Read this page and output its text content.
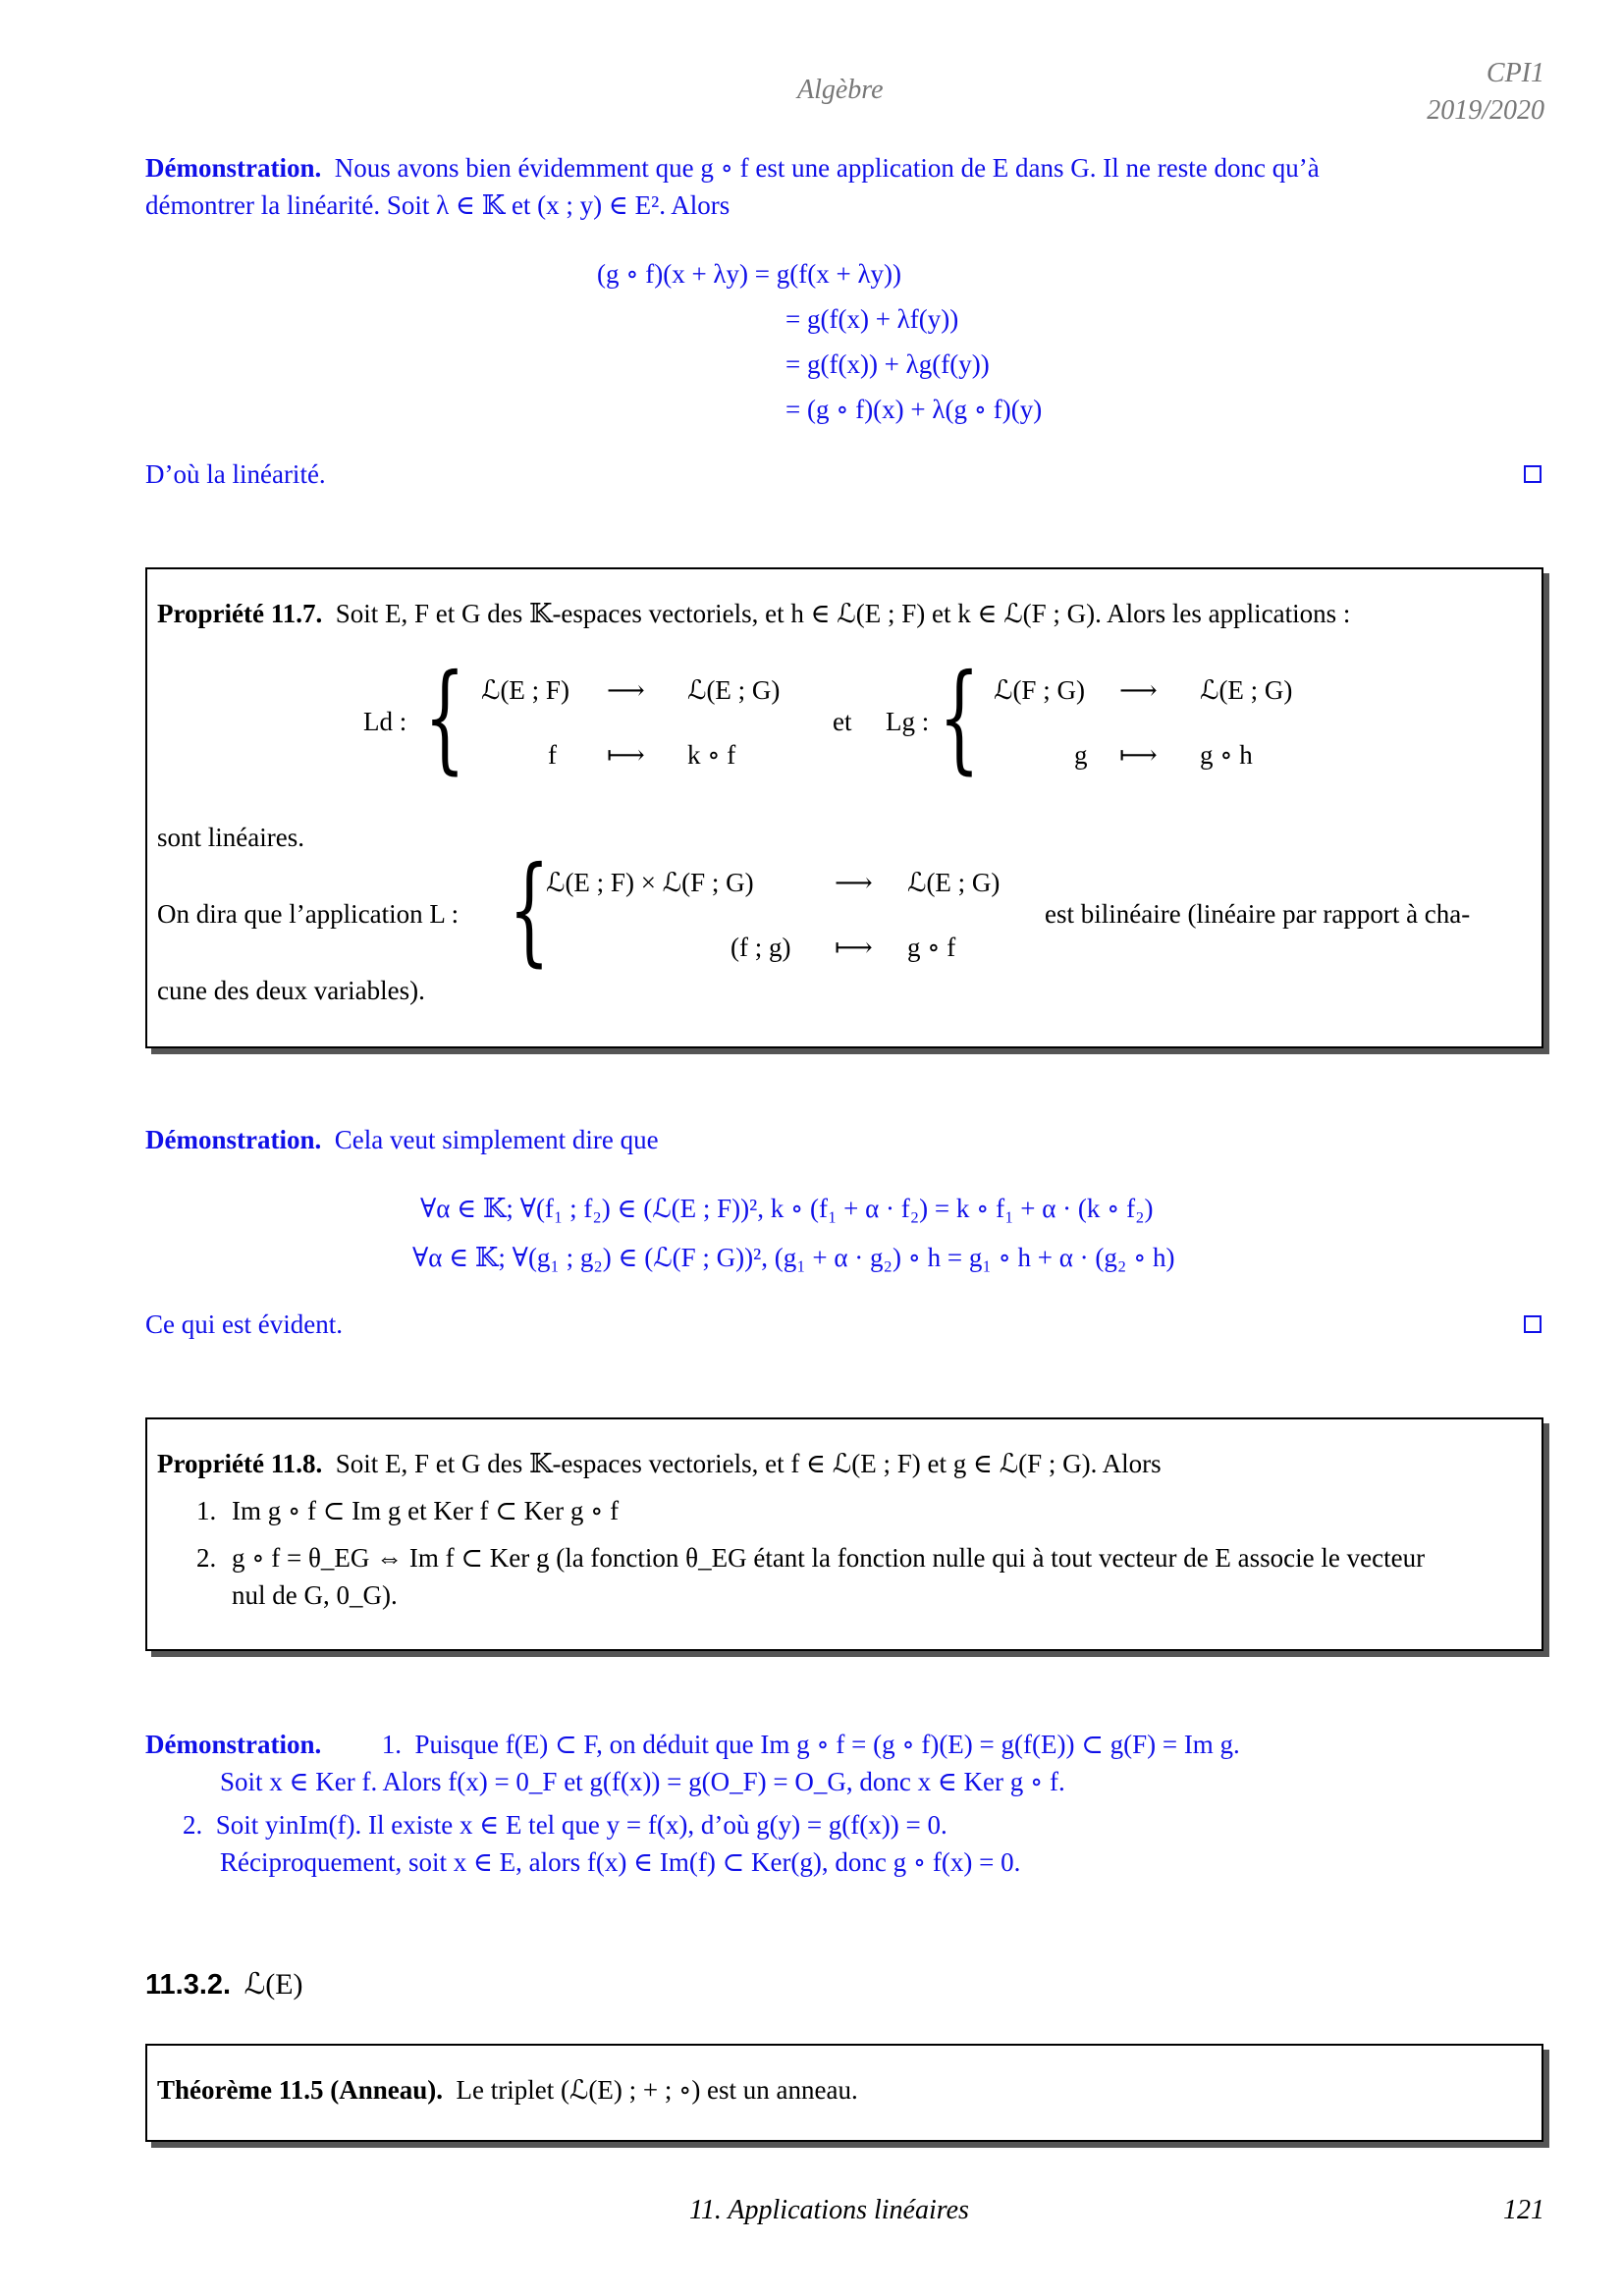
Algèbre
CPI1
2019/2020
Démonstration. Nous avons bien évidemment que g ∘ f est une application de E dans G. Il ne reste donc qu’à
démontrer la linéarité. Soit λ ∈ 𝕂 et (x ; y) ∈ E². Alors
(g ∘ f)(x + λy) = g(f(x + λy))
= g(f(x) + λf(y))
= g(f(x)) + λg(f(y))
= (g ∘ f)(x) + λ(g ∘ f)(y)
D’où la linéarité.
Propriété 11.7. Soit E, F et G des 𝕂-espaces vectoriels, et h ∈ ℒ(E ; F) et k ∈ ℒ(F ; G). Alors les applications :
Ld : { ℒ(E ; F) ⟶ ℒ(E ; G)
f ⟼ k ∘ f
et Lg : { ℒ(F ; G) ⟶ ℒ(E ; G)
g ⟼ g ∘ h
sont linéaires.
On dira que l’application L : {
ℒ(E ; F) × ℒ(F ; G)	⟶ ℒ(E ; G)
(f ; g) ⟼ g ∘ f
est bilinéaire (linéaire par rapport à cha-
cune des deux variables).
Démonstration. Cela veut simplement dire que
∀α ∈ 𝕂; ∀(f₁ ; f₂) ∈ (ℒ(E ; F))², k ∘ (f₁ + α · f₂) = k ∘ f₁ + α · (k ∘ f₂)
∀α ∈ 𝕂; ∀(g₁ ; g₂) ∈ (ℒ(F ; G))², (g₁ + α · g₂) ∘ h = g₁ ∘ h + α · (g₂ ∘ h)
Ce qui est évident.
Propriété 11.8. Soit E, F et G des 𝕂-espaces vectoriels, et f ∈ ℒ(E ; F) et g ∈ ℒ(F ; G). Alors
1. Im g ∘ f ⊂ Im g et Ker f ⊂ Ker g ∘ f
2. g ∘ f = θ_EG ⇔ Im f ⊂ Ker g (la fonction θ_EG étant la fonction nulle qui à tout vecteur de E associe le vecteur
nul de G, 0_G).
Démonstration. 1. Puisque f(E) ⊂ F, on déduit que Im g ∘ f = (g ∘ f)(E) = g(f(E)) ⊂ g(F) = Im g.
Soit x ∈ Ker f. Alors f(x) = 0_F et g(f(x)) = g(O_F) = O_G, donc x ∈ Ker g ∘ f.
2. Soit yinIm(f). Il existe x ∈ E tel que y = f(x), d’où g(y) = g(f(x)) = 0.
Réciproquement, soit x ∈ E, alors f(x) ∈ Im(f) ⊂ Ker(g), donc g ∘ f(x) = 0.
11.3.2. ℒ(E)
Théorème 11.5 (Anneau). Le triplet (ℒ(E) ; + ; ∘) est un anneau.
11. Applications linéaires	121
